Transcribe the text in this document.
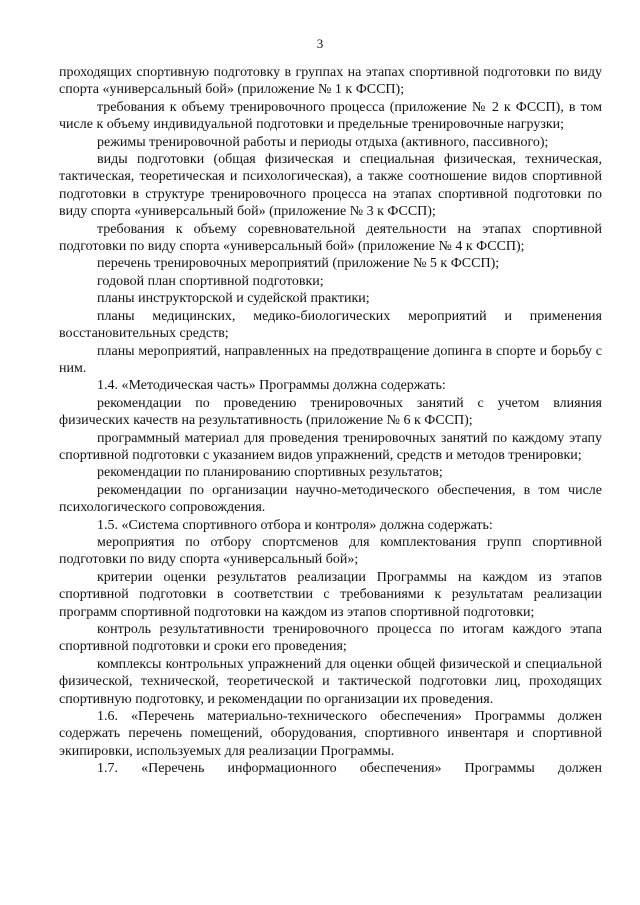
3

проходящих спортивную подготовку в группах на этапах спортивной подготовки по виду спорта «универсальный бой» (приложение № 1 к ФССП);

требования к объему тренировочного процесса (приложение № 2 к ФССП), в том числе к объему индивидуальной подготовки и предельные тренировочные нагрузки;

режимы тренировочной работы и периоды отдыха (активного, пассивного);

виды подготовки (общая физическая и специальная физическая, техническая, тактическая, теоретическая и психологическая), а также соотношение видов спортивной подготовки в структуре тренировочного процесса на этапах спортивной подготовки по виду спорта «универсальный бой» (приложение № 3 к ФССП);

требования к объему соревновательной деятельности на этапах спортивной подготовки по виду спорта «универсальный бой» (приложение № 4 к ФССП);

перечень тренировочных мероприятий (приложение № 5 к ФССП);

годовой план спортивной подготовки;

планы инструкторской и судейской практики;

планы медицинских, медико-биологических мероприятий и применения восстановительных средств;

планы мероприятий, направленных на предотвращение допинга в спорте и борьбу с ним.

1.4. «Методическая часть» Программы должна содержать:

рекомендации по проведению тренировочных занятий с учетом влияния физических качеств на результативность (приложение № 6 к ФССП);

программный материал для проведения тренировочных занятий по каждому этапу спортивной подготовки с указанием видов упражнений, средств и методов тренировки;

рекомендации по планированию спортивных результатов;

рекомендации по организации научно-методического обеспечения, в том числе психологического сопровождения.

1.5. «Система спортивного отбора и контроля» должна содержать:

мероприятия по отбору спортсменов для комплектования групп спортивной подготовки по виду спорта «универсальный бой»;

критерии оценки результатов реализации Программы на каждом из этапов спортивной подготовки в соответствии с требованиями к результатам реализации программ спортивной подготовки на каждом из этапов спортивной подготовки;

контроль результативности тренировочного процесса по итогам каждого этапа спортивной подготовки и сроки его проведения;

комплексы контрольных упражнений для оценки общей физической и специальной физической, технической, теоретической и тактической подготовки лиц, проходящих спортивную подготовку, и рекомендации по организации их проведения.

1.6. «Перечень материально-технического обеспечения» Программы должен содержать перечень помещений, оборудования, спортивного инвентаря и спортивной экипировки, используемых для реализации Программы.

1.7. «Перечень информационного обеспечения» Программы должен
